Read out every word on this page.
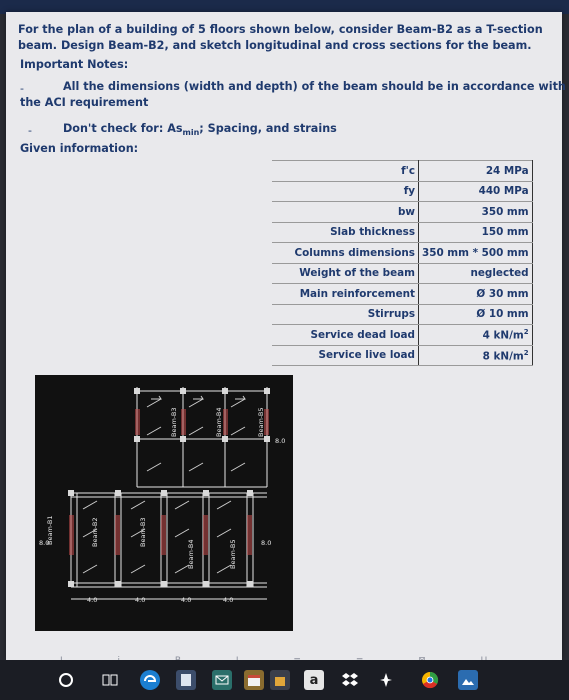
For the plan of a building of 5 floors shown below, consider Beam-B2 as a T-section
beam. Design Beam-B2, and sketch longitudinal and cross sections for the beam.
Important Notes:
-	All the dimensions (width and depth) of the beam should be in accordance with
the ACI requirement
-	Don't check for: $As_{min}$; Spacing, and strains
Given information:
f'c	24 MPa
fy	440 MPa
bw	350 mm
Slab thickness	150 mm
Columns dimensions	350 mm * 500 mm
Weight of the beam	neglected
Main reinforcement	Ø 30 mm
Stirrups	Ø 10 mm
Service dead load	4 $kN/m^2$
Service live load	8 $kN/m^2$
Beam-B3	Beam-B4	Beam-B5
8.0
Beam-B1	Beam-B2	Beam-B3
Beam-B4	Beam-B5	8.0
8.0
4.0	4.0	4.0	4.0
a
